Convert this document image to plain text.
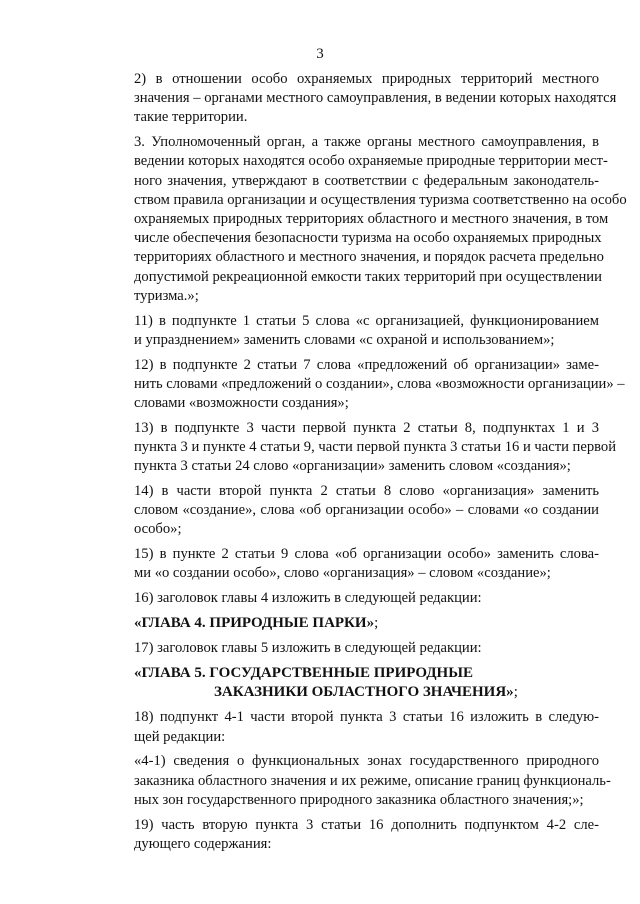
3

2) в отношении особо охраняемых природных территорий местного
значения – органами местного самоуправления, в ведении которых находятся
такие территории.

3. Уполномоченный орган, а также органы местного самоуправления, в
ведении которых находятся особо охраняемые природные территории мест-
ного значения, утверждают в соответствии с федеральным законодатель-
ством правила организации и осуществления туризма соответственно на особо
охраняемых природных территориях областного и местного значения, в том
числе обеспечения безопасности туризма на особо охраняемых природных
территориях областного и местного значения, и порядок расчета предельно
допустимой рекреационной емкости таких территорий при осуществлении
туризма.»;

11) в подпункте 1 статьи 5 слова «с организацией, функционированием
и упразднением» заменить словами «с охраной и использованием»;

12) в подпункте 2 статьи 7 слова «предложений об организации» заме-
нить словами «предложений о создании», слова «возможности организации» –
словами «возможности создания»;

13) в подпункте 3 части первой пункта 2 статьи 8, подпунктах 1 и 3
пункта 3 и пункте 4 статьи 9, части первой пункта 3 статьи 16 и части первой
пункта 3 статьи 24 слово «организации» заменить словом «создания»;

14) в части второй пункта 2 статьи 8 слово «организация» заменить
словом «создание», слова «об организации особо» – словами «о создании
особо»;

15) в пункте 2 статьи 9 слова «об организации особо» заменить слова-
ми «о создании особо», слово «организация» – словом «создание»;

16) заголовок главы 4 изложить в следующей редакции:

«ГЛАВА 4. ПРИРОДНЫЕ ПАРКИ»;

17) заголовок главы 5 изложить в следующей редакции:

«ГЛАВА 5. ГОСУДАРСТВЕННЫЕ ПРИРОДНЫЕ
ЗАКАЗНИКИ ОБЛАСТНОГО ЗНАЧЕНИЯ»;

18) подпункт 4-1 части второй пункта 3 статьи 16 изложить в следую-
щей редакции:

«4-1) сведения о функциональных зонах государственного природного
заказника областного значения и их режиме, описание границ функциональ-
ных зон государственного природного заказника областного значения;»;

19) часть вторую пункта 3 статьи 16 дополнить подпунктом 4-2 сле-
дующего содержания:
